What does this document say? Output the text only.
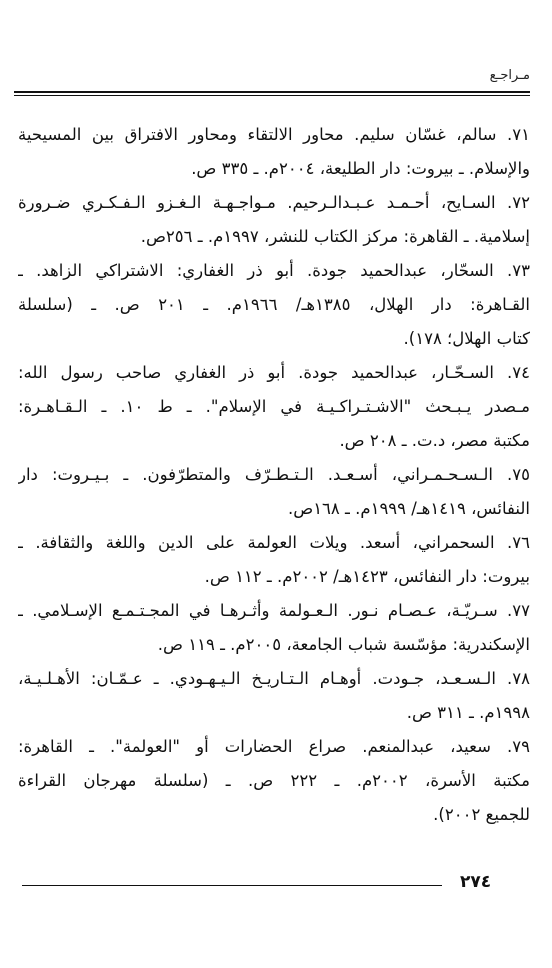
مـراجـع
٧١. سالم، غسّان سليم. محاور الالتقاء ومحاور الافتراق بين المسيحية
والإسلام. ـ بيروت: دار الطليعة، ٢٠٠٤م. ـ ٣٣٥ ص.
٧٢. السـايح، أحـمـد عـبـدالـرحيم. مـواجـهـة الـغـزو الـفـكـري ضـرورة
إسلامية. ـ القاهرة: مركز الكتاب للنشر، ١٩٩٧م. ـ ٢٥٦ص.
٧٣. السحّار، عبدالحميد جودة. أبو ذر الغفاري: الاشتراكي الزاهد. ـ
القـاهرة: دار الهلال، ١٣٨٥هـ/ ١٩٦٦م. ـ ٢٠١ ص. ـ (سلسلة
كتاب الهلال؛ ١٧٨).
٧٤. السـحّـار، عبدالحميد جودة. أبو ذر الغفاري صاحب رسول الله:
مـصدر يـبـحث "الاشـتـراكـيـة في الإسلام". ـ ط ١٠. ـ الـقـاهـرة:
مكتبة مصر، د.ت. ـ ٢٠٨ ص.
٧٥. الـسـحـمـراني، أسـعـد. الـتـطـرّف والمتطرّفون. ـ بـيـروت: دار
النفائس، ١٤١٩هـ/ ١٩٩٩م. ـ ١٦٨ص.
٧٦. السحمراني، أسعد. ويلات العولمة على الدين واللغة والثقافة. ـ
بيروت: دار النفائس، ١٤٢٣هـ/ ٢٠٠٢م. ـ ١١٢ ص.
٧٧. سـريّـة، عـصـام نـور. الـعـولمة وأثـرهـا في المجـتـمـع الإسـلامي. ـ
الإسكندرية: مؤسّسة شباب الجامعة، ٢٠٠٥م. ـ ١١٩ ص.
٧٨. الـسـعـد، جـودت. أوهـام الـتـاريـخ الـيـهـودي. ـ عـمّـان: الأهـلـيـة،
١٩٩٨م. ـ ٣١١ ص.
٧٩. سعيد، عبدالمنعم. صراع الحضارات أو "العولمة". ـ القاهرة:
مكتبة الأسرة، ٢٠٠٢م. ـ ٢٢٢ ص. ـ (سلسلة مهرجان القراءة
للجميع ٢٠٠٢).
٢٧٤
